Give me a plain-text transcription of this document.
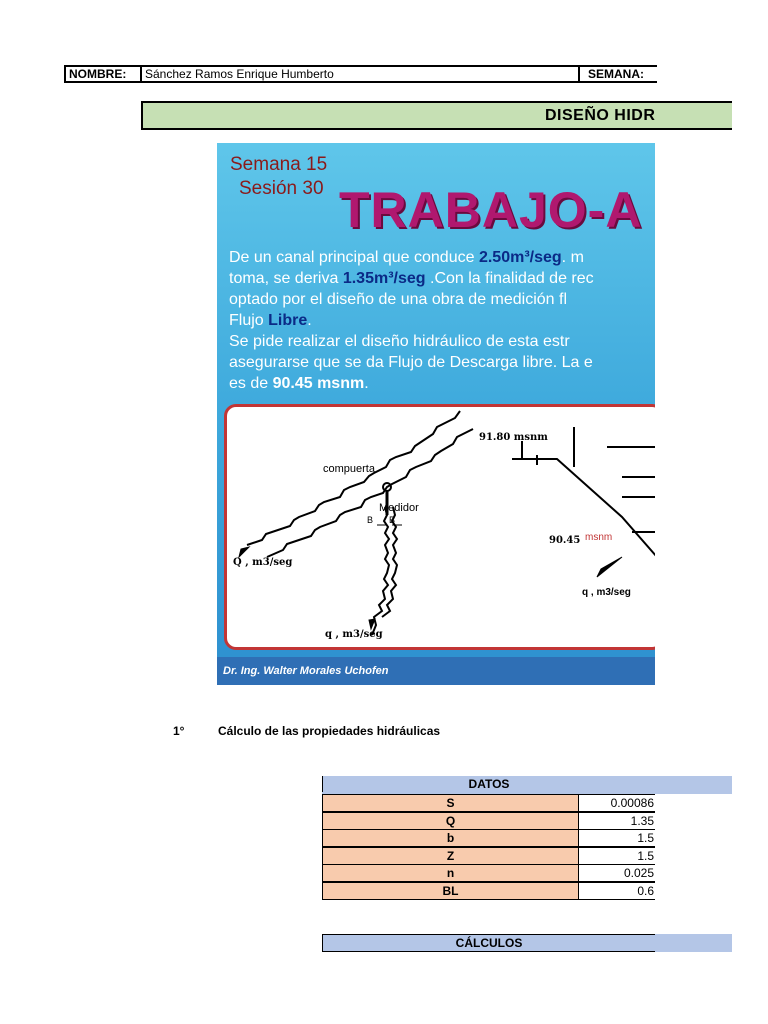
NOMBRE:	Sánchez Ramos Enrique Humberto	SEMANA:
DISEÑO HIDR
Semana 15
Sesión 30 TRABAJO-A
De un canal principal que conduce 2.50m³/seg. m
toma, se deriva 1.35m³/seg .Con la finalidad de rec
optado por el diseño de una obra de medición fl
Flujo Libre.
Se pide realizar el diseño hidráulico de esta estr
asegurarse que se da Flujo de Descarga libre. La e
es de 90.45 msnm.
compuerta
Medidor
B B
Q , m3/seg
q , m3/seg
91.80 msnm
90.45 msnm
q , m3/seg
Dr. Ing. Walter Morales Uchofen
1°	Cálculo de las propiedades hidráulicas
DATOS
S	0.00086
Q	1.35
b	1.5
Z	1.5
n	0.025
BL	0.6
CÁLCULOS
